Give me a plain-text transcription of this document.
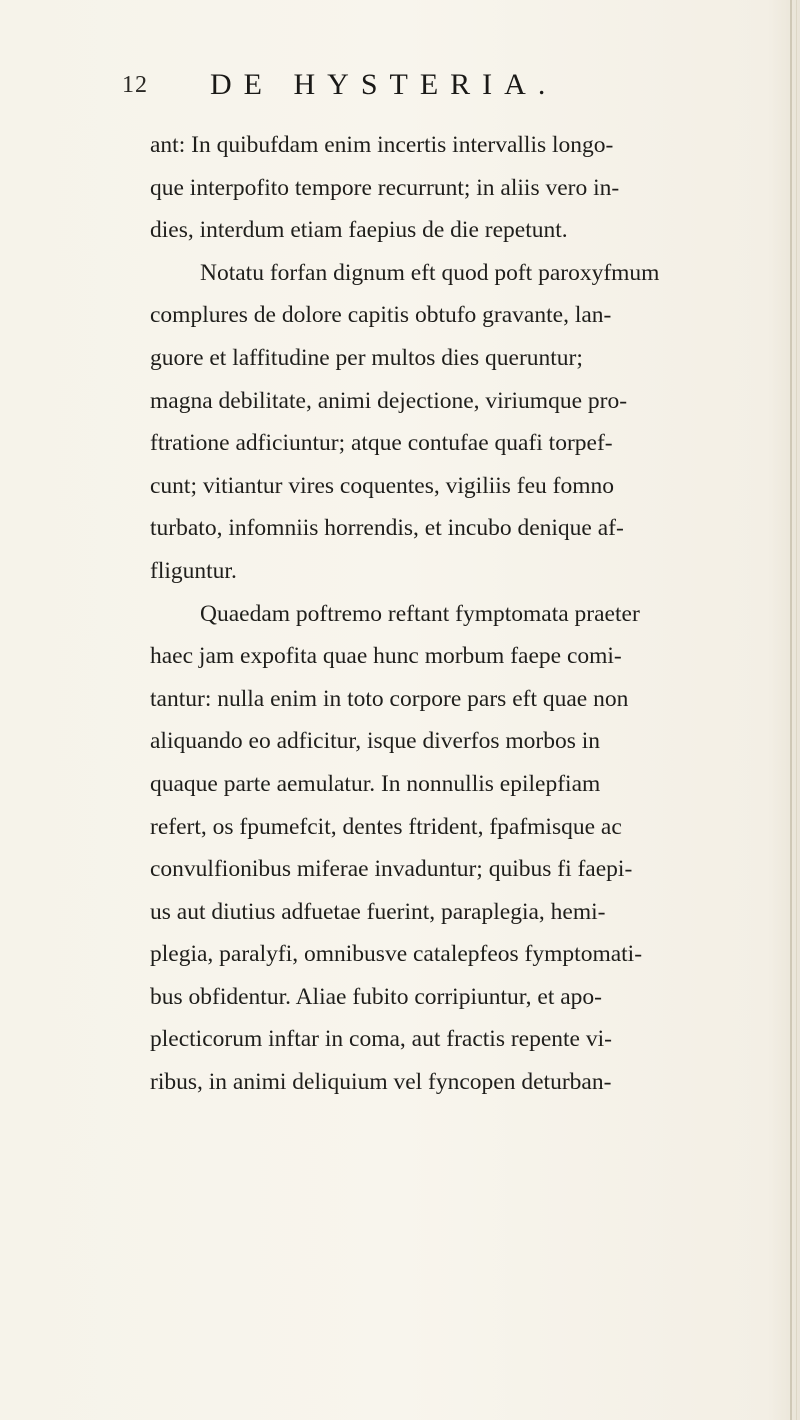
12 DE HYSTERIA.
ant: In quibufdam enim incertis intervallis longo-
que interpofito tempore recurrunt; in aliis vero in-
dies, interdum etiam faepius de die repetunt.
Notatu forfan dignum eft quod poft paroxyfmum
complures de dolore capitis obtufo gravante, lan-
guore et laffitudine per multos dies queruntur;
magna debilitate, animi dejectione, viriumque pro-
ftratione adficiuntur; atque contufae quafi torpef-
cunt; vitiantur vires coquentes, vigiliis feu fomno
turbato, infomniis horrendis, et incubo denique af-
fliguntur.
Quaedam poftremo reftant fymptomata praeter
haec jam expofita quae hunc morbum faepe comi-
tantur: nulla enim in toto corpore pars eft quae non
aliquando eo adficitur, isque diverfos morbos in
quaque parte aemulatur. In nonnullis epilepfiam
refert, os fpumefcit, dentes ftrident, fpafmisque ac
convulfionibus miferae invaduntur; quibus fi faepi-
us aut diutius adfuetae fuerint, paraplegia, hemi-
plegia, paralyfi, omnibusve catalepfeos fymptomati-
bus obfidentur. Aliae fubito corripiuntur, et apo-
plecticorum inftar in coma, aut fractis repente vi-
ribus, in animi deliquium vel fyncopen deturban-
